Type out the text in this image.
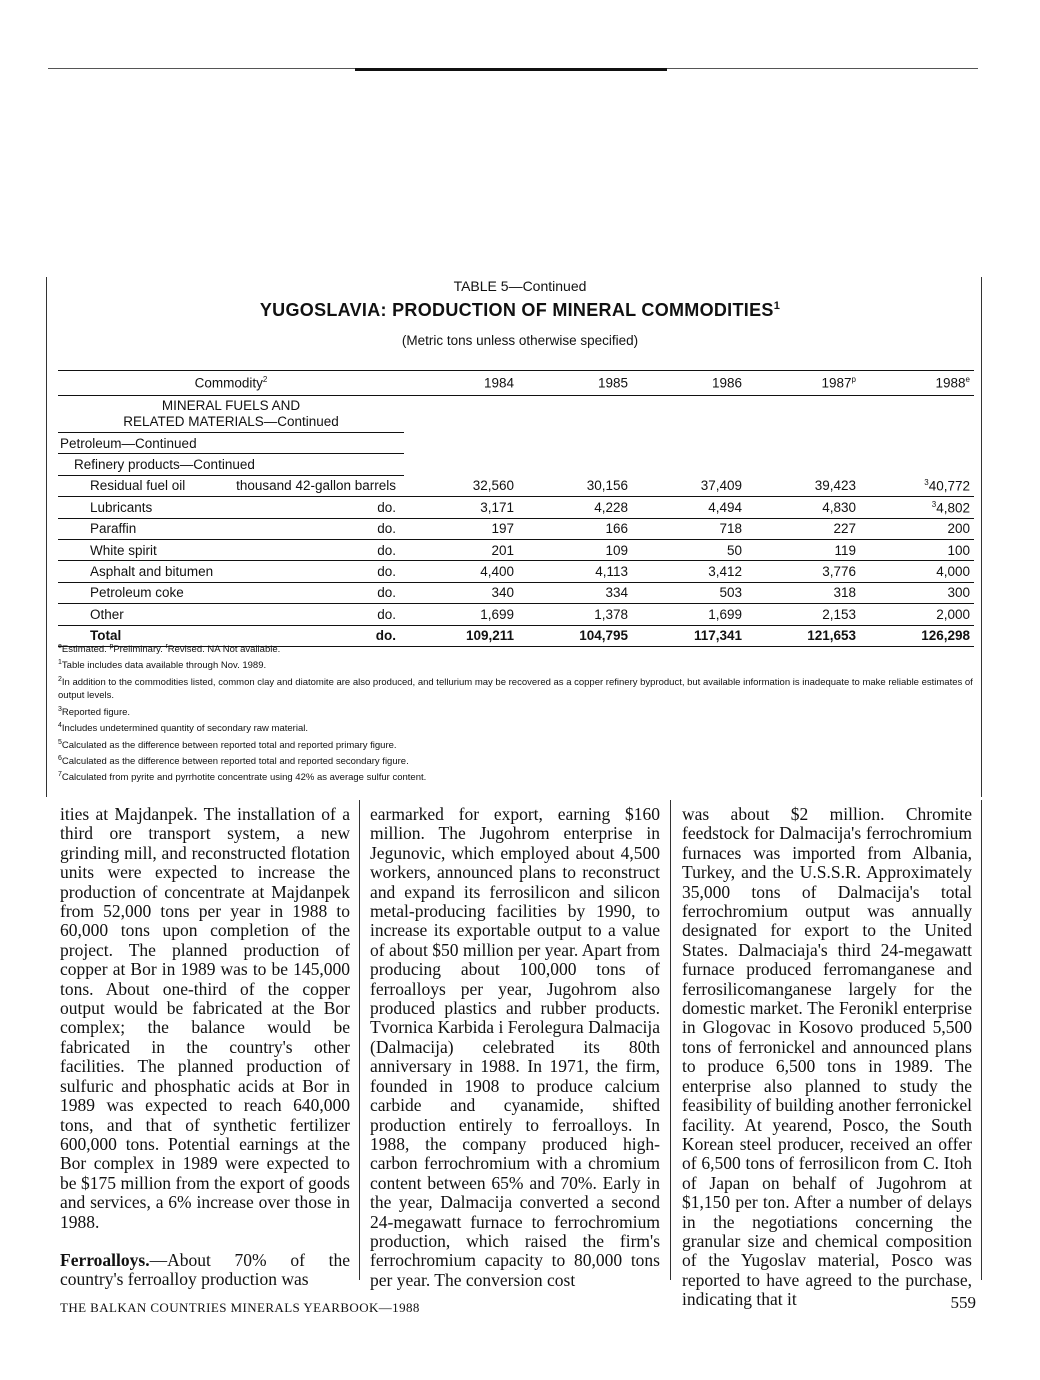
TABLE 5—Continued
YUGOSLAVIA: PRODUCTION OF MINERAL COMMODITIES$^1$
(Metric tons unless otherwise specified)
Commodity$^2$	1984	1985	1986	1987$^p$	1988e

MINERAL FUELS AND
RELATED MATERIALS—Continued					

Petroleum—Continued					
Refinery products—Continued					

Residual fuel oil thousand 42-gallon barrels	32,560	30,156	37,409	39,423	$^3$40,772

Lubricants do.	3,171	4,228	4,494	4,830	$^3$4,802

Paraffin do.	197	166	718	227	200

White spirit do.	201	109	50	119	100

Asphalt and bitumen do.	4,400	4,113	3,412	3,776	4,000

Petroleum coke do.	340	334	503	318	300

Other do.	1,699	1,378	1,699	2,153	2,000

Total do.	109,211	104,795	117,341	121,653	126,298

$^e$Estimated. $^p$Preliminary. $^r$Revised. NA Not available.

$^1$Table includes data available through Nov. 1989.

$^2$In addition to the commodities listed, common clay and diatomite are also produced, and tellurium may be recovered as a copper refinery byproduct, but available information is inadequate to make reliable estimates of output levels.

$^3$Reported figure.

$^4$Includes undetermined quantity of secondary raw material.

$^5$Calculated as the difference between reported total and reported primary figure.

$^6$Calculated as the difference between reported total and reported secondary figure.

$^7$Calculated from pyrite and pyrrhotite concentrate using 42% as average sulfur content.

ities at Majdanpek. The installation of a third ore transport system, a new grinding mill, and reconstructed flotation units were expected to increase the production of concentrate at Majdanpek from 52,000 tons per year in 1988 to 60,000 tons upon completion of the project. The planned production of copper at Bor in 1989 was to be 145,000 tons. About one-third of the copper output would be fabricated at the Bor complex; the balance would be fabricated in the country's other facilities. The planned production of sulfuric and phosphatic acids at Bor in 1989 was expected to reach 640,000 tons, and that of synthetic fertilizer 600,000 tons. Potential earnings at the Bor complex in 1989 were expected to be $175 million from the export of goods and services, a 6% increase over those in 1988.

Ferroalloys.—About 70% of the country's ferroalloy production was

earmarked for export, earning $160 million. The Jugohrom enterprise in Jegunovic, which employed about 4,500 workers, announced plans to reconstruct and expand its ferrosilicon and silicon metal-producing facilities by 1990, to increase its exportable output to a value of about $50 million per year. Apart from producing about 100,000 tons of ferroalloys per year, Jugohrom also produced plastics and rubber products. Tvornica Karbida i Ferolegura Dalmacija (Dalmacija) celebrated its 80th anniversary in 1988. In 1971, the firm, founded in 1908 to produce calcium carbide and cyanamide, shifted production entirely to ferroalloys. In 1988, the company produced high-carbon ferrochromium with a chromium content between 65% and 70%. Early in the year, Dalmacija converted a second 24-megawatt furnace to ferrochromium production, which raised the firm's ferrochromium capacity to 80,000 tons per year. The conversion cost

was about $2 million. Chromite feedstock for Dalmacija's ferrochromium furnaces was imported from Albania, Turkey, and the U.S.S.R. Approximately 35,000 tons of Dalmacija's total ferrochromium output was annually designated for export to the United States. Dalmaciaja's third 24-megawatt furnace produced ferromanganese and ferrosilicomanganese largely for the domestic market. The Feronikl enterprise in Glogovac in Kosovo produced 5,500 tons of ferronickel and announced plans to produce 6,500 tons in 1989. The enterprise also planned to study the feasibility of building another ferronickel facility. At yearend, Posco, the South Korean steel producer, received an offer of 6,500 tons of ferrosilicon from C. Itoh of Japan on behalf of Jugohrom at $1,150 per ton. After a number of delays in the negotiations concerning the granular size and chemical composition of the Yugoslav material, Posco was reported to have agreed to the purchase, indicating that it

THE BALKAN COUNTRIES MINERALS YEARBOOK—1988	559
